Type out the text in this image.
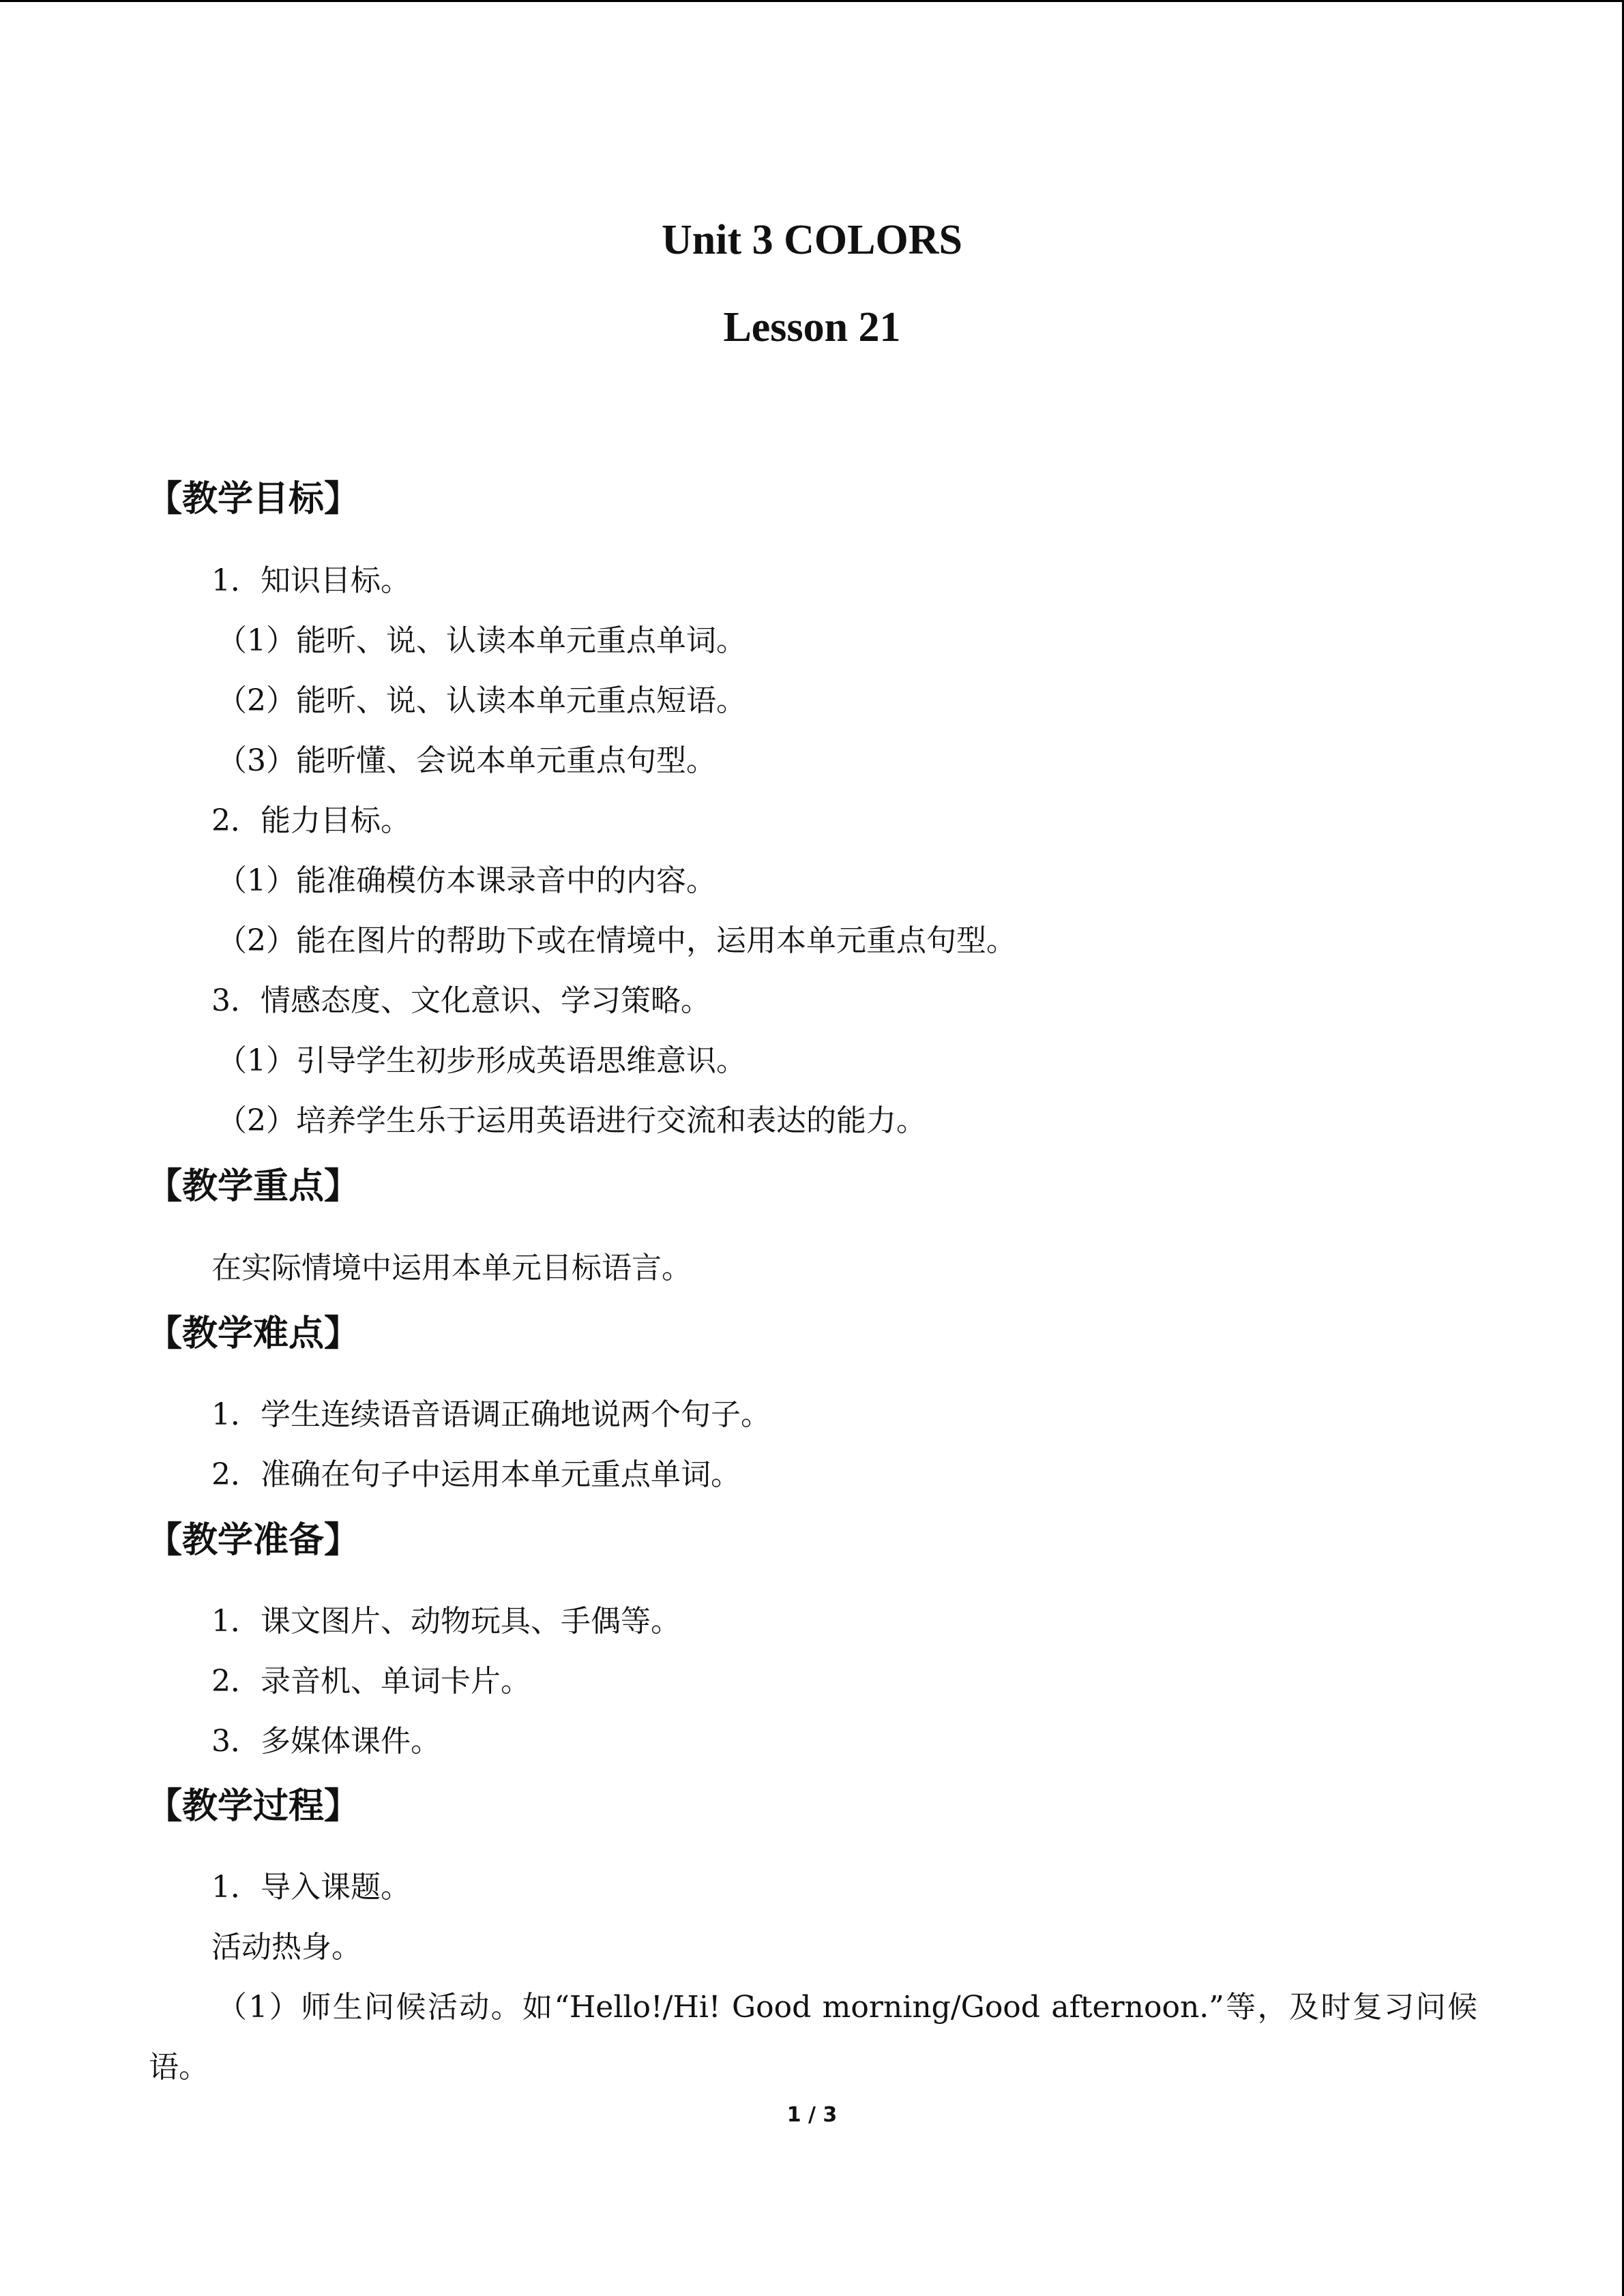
Unit 3 COLORS
Lesson 21
【教学目标】
1．知识目标。
（1）能听、说、认读本单元重点单词。
（2）能听、说、认读本单元重点短语。
（3）能听懂、会说本单元重点句型。
2．能力目标。
（1）能准确模仿本课录音中的内容。
（2）能在图片的帮助下或在情境中，运用本单元重点句型。
3．情感态度、文化意识、学习策略。
（1）引导学生初步形成英语思维意识。
（2）培养学生乐于运用英语进行交流和表达的能力。
【教学重点】
在实际情境中运用本单元目标语言。
【教学难点】
1．学生连续语音语调正确地说两个句子。
2．准确在句子中运用本单元重点单词。
【教学准备】
1．课文图片、动物玩具、手偶等。
2．录音机、单词卡片。
3．多媒体课件。
【教学过程】
1．导入课题。
活动热身。
（1）师生问候活动。如“Hello!/Hi! Good morning/Good afternoon.”等，及时复习问候
语。
1 / 3
